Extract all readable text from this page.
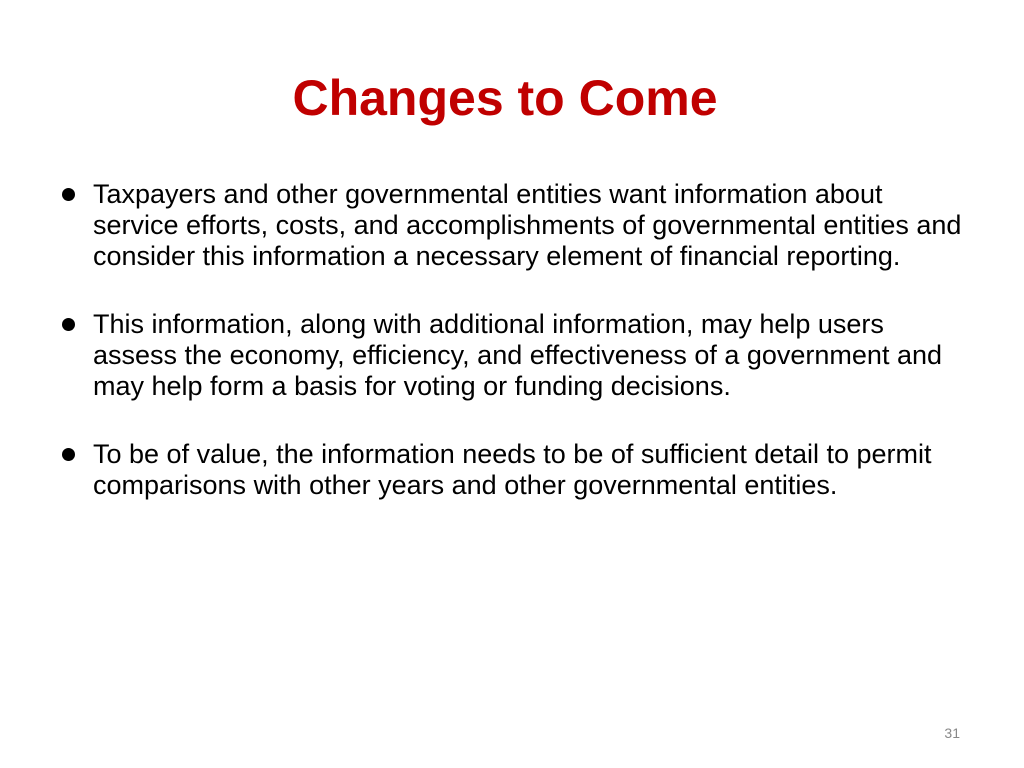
Changes to Come
Taxpayers and other governmental entities want information about service efforts, costs, and accomplishments of governmental entities and consider this information a necessary element of financial reporting.
This information, along with additional information, may help users assess the economy, efficiency, and effectiveness of a government and may help form a basis for voting or funding decisions.
To be of value, the information needs to be of sufficient detail to permit comparisons with other years and other governmental entities.
31
